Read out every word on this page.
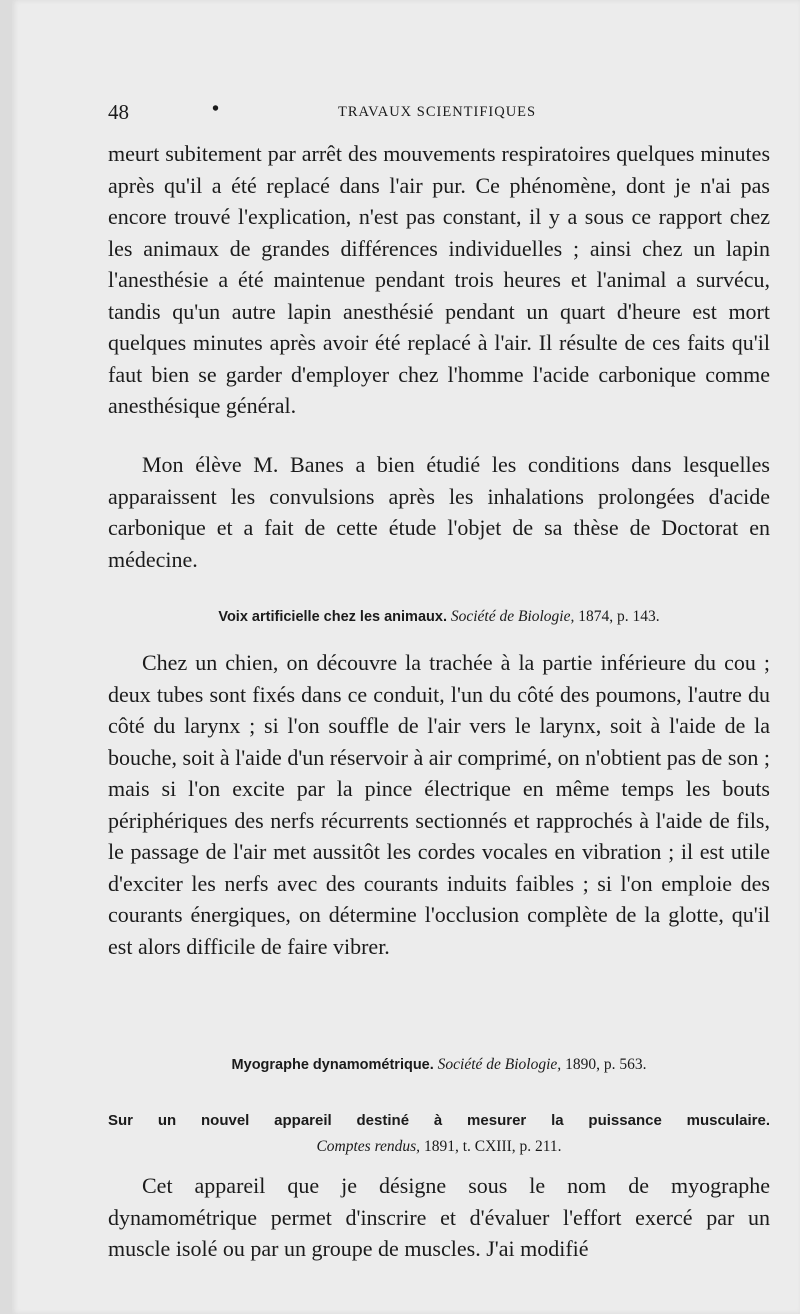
48	•	TRAVAUX SCIENTIFIQUES

meurt subitement par arrêt des mouvements respiratoires quelques minutes après qu'il a été replacé dans l'air pur. Ce phénomène, dont je n'ai pas encore trouvé l'explication, n'est pas constant, il y a sous ce rapport chez les animaux de grandes différences individuelles ; ainsi chez un lapin l'anesthésie a été maintenue pendant trois heures et l'animal a survécu, tandis qu'un autre lapin anesthésié pendant un quart d'heure est mort quelques minutes après avoir été replacé à l'air. Il résulte de ces faits qu'il faut bien se garder d'employer chez l'homme l'acide carbonique comme anesthésique général.

Mon élève M. Banes a bien étudié les conditions dans lesquelles apparaissent les convulsions après les inhalations prolongées d'acide carbonique et a fait de cette étude l'objet de sa thèse de Doctorat en médecine.

Voix artificielle chez les animaux. Société de Biologie, 1874, p. 143.

Chez un chien, on découvre la trachée à la partie inférieure du cou ; deux tubes sont fixés dans ce conduit, l'un du côté des poumons, l'autre du côté du larynx ; si l'on souffle de l'air vers le larynx, soit à l'aide de la bouche, soit à l'aide d'un réservoir à air comprimé, on n'obtient pas de son ; mais si l'on excite par la pince électrique en même temps les bouts périphériques des nerfs récurrents sectionnés et rapprochés à l'aide de fils, le passage de l'air met aussitôt les cordes vocales en vibration ; il est utile d'exciter les nerfs avec des courants induits faibles ; si l'on emploie des courants énergiques, on détermine l'occlusion complète de la glotte, qu'il est alors difficile de faire vibrer.

Myographe dynamométrique. Société de Biologie, 1890, p. 563.

Sur un nouvel appareil destiné à mesurer la puissance musculaire.

Comptes rendus, 1891, t. CXIII, p. 211.

Cet appareil que je désigne sous le nom de myographe dynamométrique permet d'inscrire et d'évaluer l'effort exercé par un muscle isolé ou par un groupe de muscles. J'ai modifié
